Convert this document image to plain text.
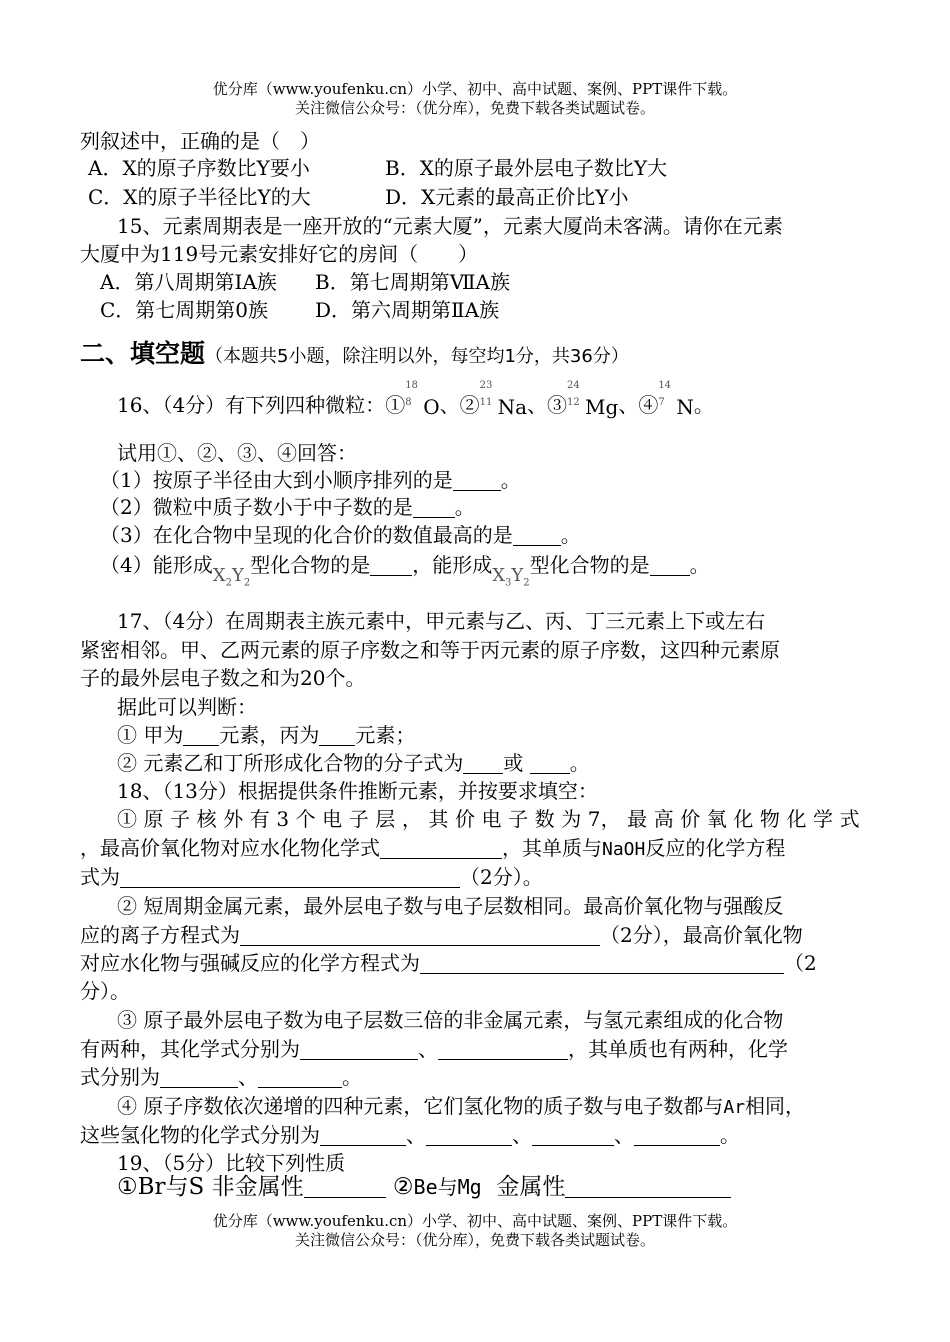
优分库（www.youfenku.cn）小学、初中、高中试题、案例、PPT课件下载。
关注微信公众号：（优分库），免费下载各类试题试卷。
列叙述中，正确的是（　）
A．X的原子序数比Y要小	B．X的原子最外层电子数比Y大
C．X的原子半径比Y的大	D．X元素的最高正价比Y小
15、元素周期表是一座开放的“元素大厦”，元素大厦尚未客满。请你在元素
大厦中为119号元素安排好它的房间（　　）
A．第八周期第IA族 B．第七周期第ⅦA族
C．第七周期第0族 D．第六周期第ⅡA族
二、填空题（本题共5小题，除注明以外，每空均1分，共36分）
16、（4分）有下列四种微粒：①
18
8 O、②
23
11 Na、③
24
12 Mg、④
14
7 N。
试用①、②、③、④回答：
（1）按原子半径由大到小顺序排列的是 。
（2）微粒中质子数小于中子数的是 。
（3）在化合物中呈现的化合价的数值最高的是 。
（4）能形成$X_2Y_2$型化合物的是 ，能形成$X_3Y_2$型化合物的是 。
17、（4分）在周期表主族元素中，甲元素与乙、丙、丁三元素上下或左右
紧密相邻。甲、乙两元素的原子序数之和等于丙元素的原子序数，这四种元素原
子的最外层电子数之和为20个。
据此可以判断：
① 甲为 元素，丙为 元素；
② 元素乙和丁所形成化合物的分子式为 或 。
18、（13分）根据提供条件推断元素，并按要求填空：
① 原 子 核 外 有 3 个 电 子 层 ， 其 价 电 子 数 为 7， 最 高 价 氧 化 物 化 学 式
，最高价氧化物对应水化物化学式	，其单质与NaOH反应的化学方程
式为	（2分）。
② 短周期金属元素，最外层电子数与电子层数相同。最高价氧化物与强酸反
应的离子方程式为	（2分），最高价氧化物
对应水化物与强碱反应的化学方程式为	（2
分）。
③ 原子最外层电子数为电子层数三倍的非金属元素，与氢元素组成的化合物
有两种，其化学式分别为	、	，其单质也有两种，化学
式分别为	、	。
④ 原子序数依次递增的四种元素，它们氢化物的质子数与电子数都与Ar相同，
这些氢化物的化学式分别为	、	、	、	。
19、（5分）比较下列性质
①Br与S 非金属性	②Be与Mg 金属性
优分库（www.youfenku.cn）小学、初中、高中试题、案例、PPT课件下载。
关注微信公众号：（优分库），免费下载各类试题试卷。
